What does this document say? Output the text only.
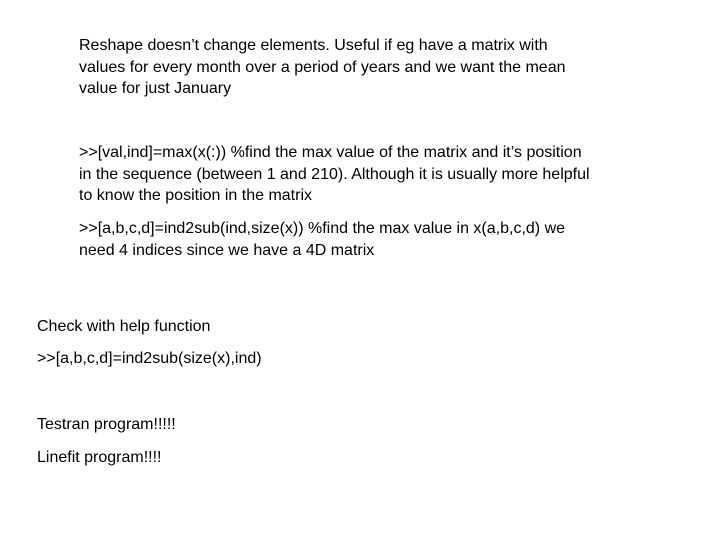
Reshape doesn’t change elements. Useful if eg have a matrix with
values for every month over a period of years and we want the mean
value for just January

>>[val,ind]=max(x(:)) %find the max value of the matrix and it’s position
in the sequence (between 1 and 210). Although it is usually more helpful
to know the position in the matrix

>>[a,b,c,d]=ind2sub(ind,size(x)) %find the max value in x(a,b,c,d) we
need 4 indices since we have a 4D matrix

Check with help function

>>[a,b,c,d]=ind2sub(size(x),ind)

Testran program!!!!!

Linefit program!!!!
